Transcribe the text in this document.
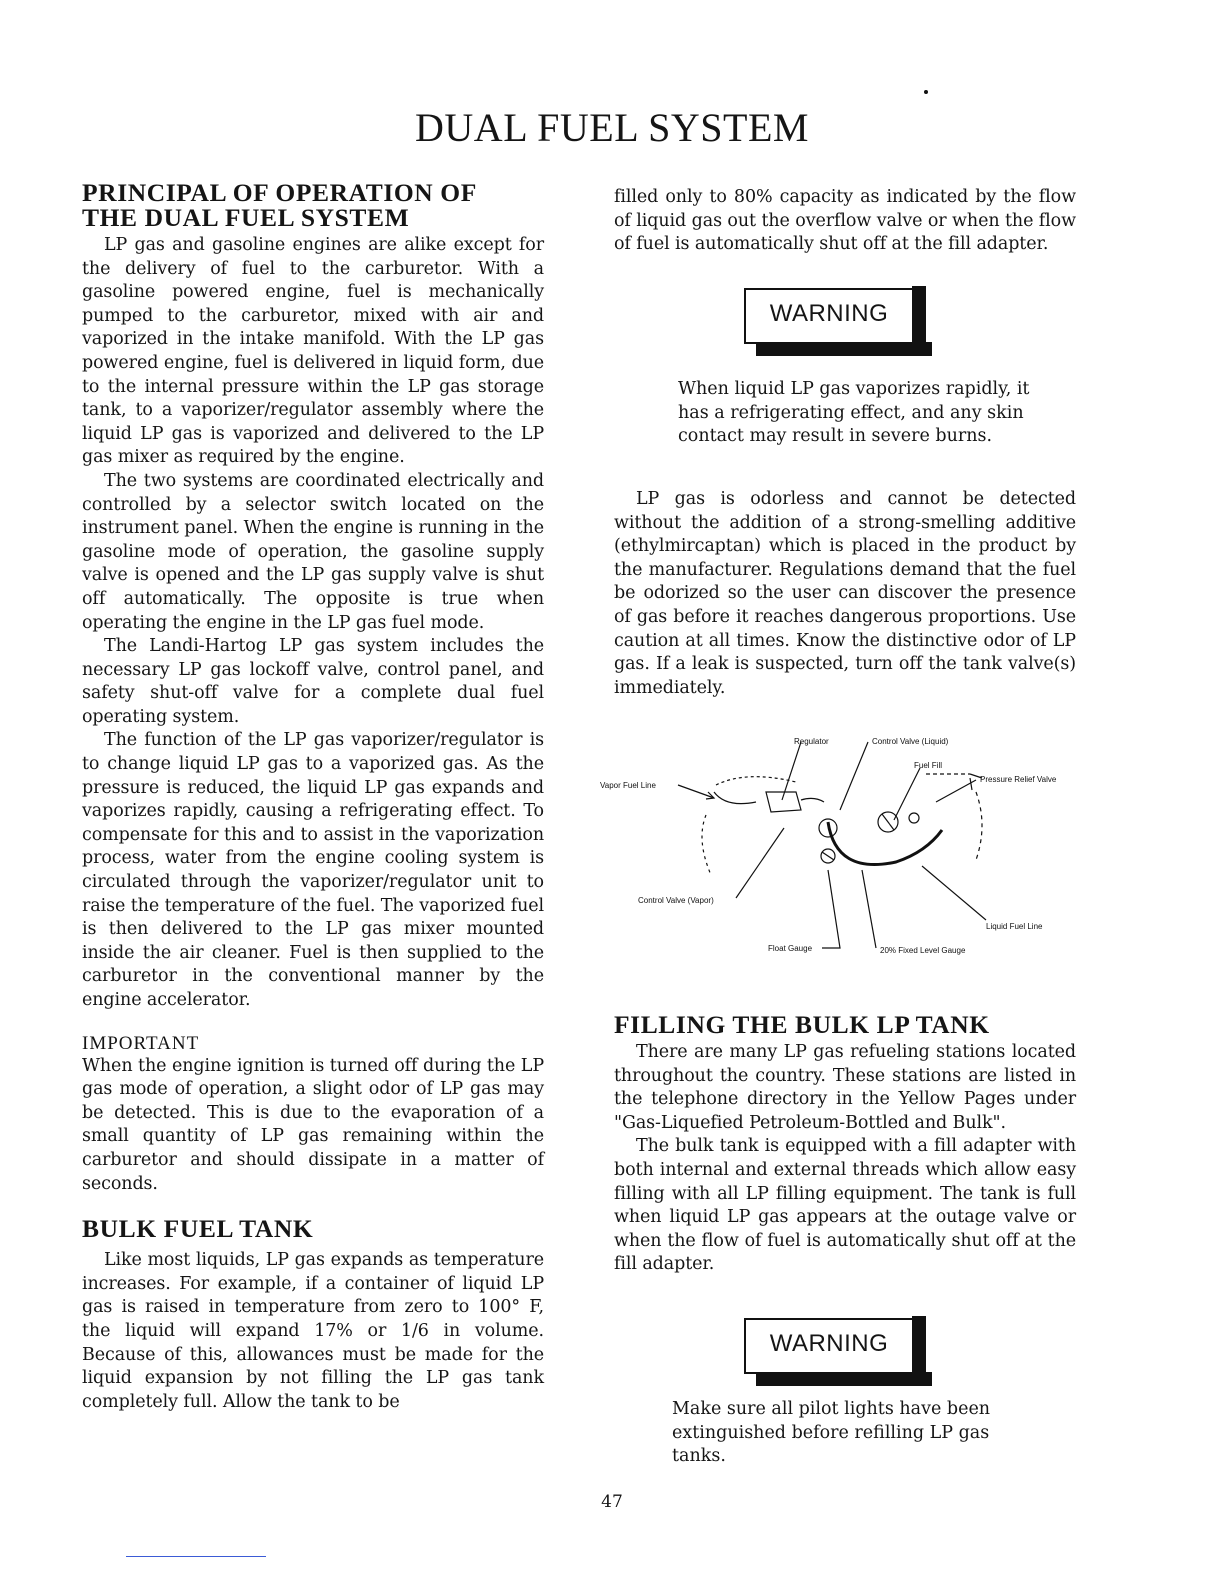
DUAL FUEL SYSTEM
PRINCIPAL OF OPERATION OF
THE DUAL FUEL SYSTEM

LP gas and gasoline engines are alike except for the delivery of fuel to the carburetor. With a gasoline powered engine, fuel is mechanically pumped to the carburetor, mixed with air and vaporized in the intake manifold. With the LP gas powered engine, fuel is delivered in liquid form, due to the internal pressure within the LP gas storage tank, to a vaporizer/regulator assembly where the liquid LP gas is vaporized and delivered to the LP gas mixer as required by the engine.

The two systems are coordinated electrically and controlled by a selector switch located on the instrument panel. When the engine is running in the gasoline mode of operation, the gasoline supply valve is opened and the LP gas supply valve is shut off automatically. The opposite is true when operating the engine in the LP gas fuel mode.

The Landi-Hartog LP gas system includes the necessary LP gas lockoff valve, control panel, and safety shut-off valve for a complete dual fuel operating system.

The function of the LP gas vaporizer/regulator is to change liquid LP gas to a vaporized gas. As the pressure is reduced, the liquid LP gas expands and vaporizes rapidly, causing a refrigerating effect. To compensate for this and to assist in the vaporization process, water from the engine cooling system is circulated through the vaporizer/regulator unit to raise the temperature of the fuel. The vaporized fuel is then delivered to the LP gas mixer mounted inside the air cleaner. Fuel is then supplied to the carburetor in the conventional manner by the engine accelerator.

IMPORTANT

When the engine ignition is turned off during the LP gas mode of operation, a slight odor of LP gas may be detected. This is due to the evaporation of a small quantity of LP gas remaining within the carburetor and should dissipate in a matter of seconds.

BULK FUEL TANK

Like most liquids, LP gas expands as temperature increases. For example, if a container of liquid LP gas is raised in temperature from zero to 100° F, the liquid will expand 17% or 1/6 in volume. Because of this, allowances must be made for the liquid expansion by not filling the LP gas tank completely full. Allow the tank to be

filled only to 80% capacity as indicated by the flow of liquid gas out the overflow valve or when the flow of fuel is automatically shut off at the fill adapter.

WARNING
When liquid LP gas vaporizes rapidly, it has a refrigerating effect, and any skin contact may result in severe burns.

LP gas is odorless and cannot be detected without the addition of a strong-smelling additive (ethylmircaptan) which is placed in the product by the manufacturer. Regulations demand that the fuel be odorized so the user can discover the presence of gas before it reaches dangerous proportions. Use caution at all times. Know the distinctive odor of LP gas. If a leak is suspected, turn off the tank valve(s) immediately.

Regulator	Control Valve (Liquid)
Fuel Fill
Pressure Relief Valve
Vapor Fuel Line
Control Valve (Vapor)
Liquid Fuel Line
Float Gauge	20% Fixed Level Gauge
FILLING THE BULK LP TANK

There are many LP gas refueling stations located throughout the country. These stations are listed in the telephone directory in the Yellow Pages under "Gas-Liquefied Petroleum-Bottled and Bulk".

The bulk tank is equipped with a fill adapter with both internal and external threads which allow easy filling with all LP filling equipment. The tank is full when liquid LP gas appears at the outage valve or when the flow of fuel is automatically shut off at the fill adapter.

WARNING
Make sure all pilot lights have been extinguished before refilling LP gas tanks.
47
